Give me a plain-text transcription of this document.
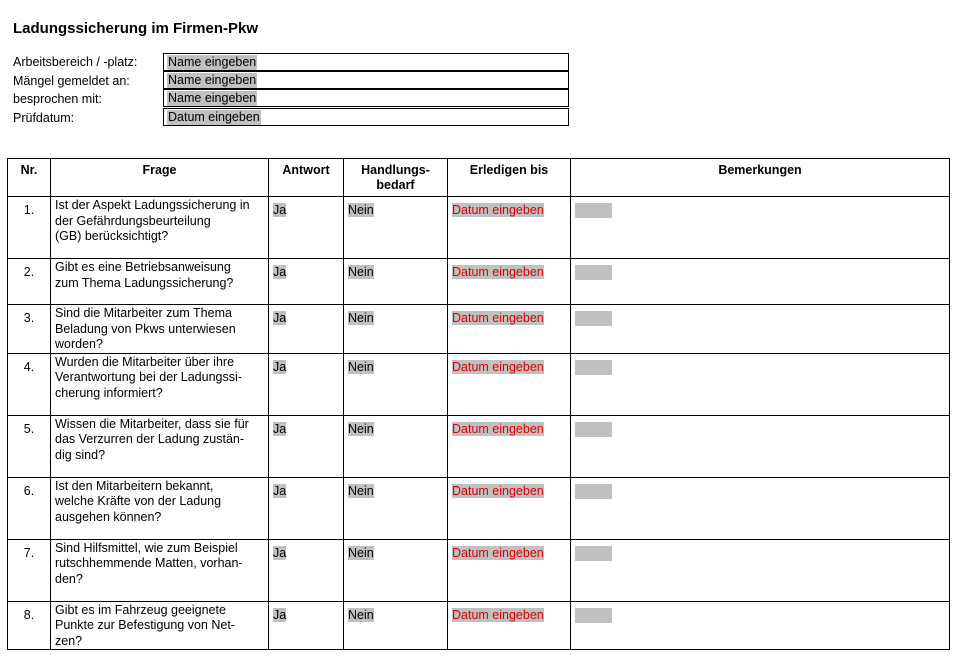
Ladungssicherung im Firmen-Pkw
Arbeitsbereich / -platz: Name eingeben
Mängel gemeldet an:	Name eingeben
besprochen mit:	Name eingeben
Prüfdatum:	Datum eingeben
Nr.	Frage	Antwort	Handlungs-
bedarf	Erledigen bis	Bemerkungen
1.	Ist der Aspekt Ladungssicherung in
der Gefährdungsbeurteilung
(GB) berücksichtigt?	Ja	Nein	Datum eingeben	
2.	Gibt es eine Betriebsanweisung
zum Thema Ladungssicherung?	Ja	Nein	Datum eingeben	
3.	Sind die Mitarbeiter zum Thema
Beladung von Pkws unterwiesen
worden?	Ja	Nein	Datum eingeben	
4.	Wurden die Mitarbeiter über ihre
Verantwortung bei der Ladungssi-
cherung informiert?	Ja	Nein	Datum eingeben	
5.	Wissen die Mitarbeiter, dass sie für
das Verzurren der Ladung zustän-
dig sind?	Ja	Nein	Datum eingeben	
6.	Ist den Mitarbeitern bekannt,
welche Kräfte von der Ladung
ausgehen können?	Ja	Nein	Datum eingeben	
7.	Sind Hilfsmittel, wie zum Beispiel
rutschhemmende Matten, vorhan-
den?	Ja	Nein	Datum eingeben	
8.	Gibt es im Fahrzeug geeignete
Punkte zur Befestigung von Net-
zen?	Ja	Nein	Datum eingeben	
